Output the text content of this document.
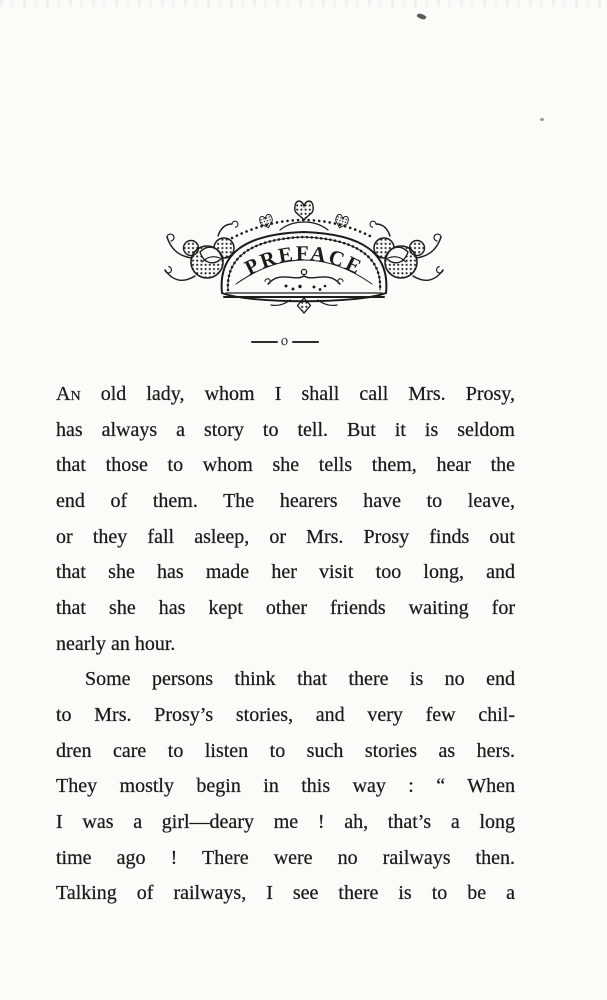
PREFACE
o
An old lady, whom I shall call Mrs. Prosy,
has always a story to tell. But it is seldom
that those to whom she tells them, hear the
end of them. The hearers have to leave,
or they fall asleep, or Mrs. Prosy finds out
that she has made her visit too long, and
that she has kept other friends waiting for
nearly an hour.
Some persons think that there is no end
to Mrs. Prosy’s stories, and very few chil-
dren care to listen to such stories as hers.
They mostly begin in this way : “ When
I was a girl—deary me ! ah, that’s a long
time ago ! There were no railways then.
Talking of railways, I see there is to be a
